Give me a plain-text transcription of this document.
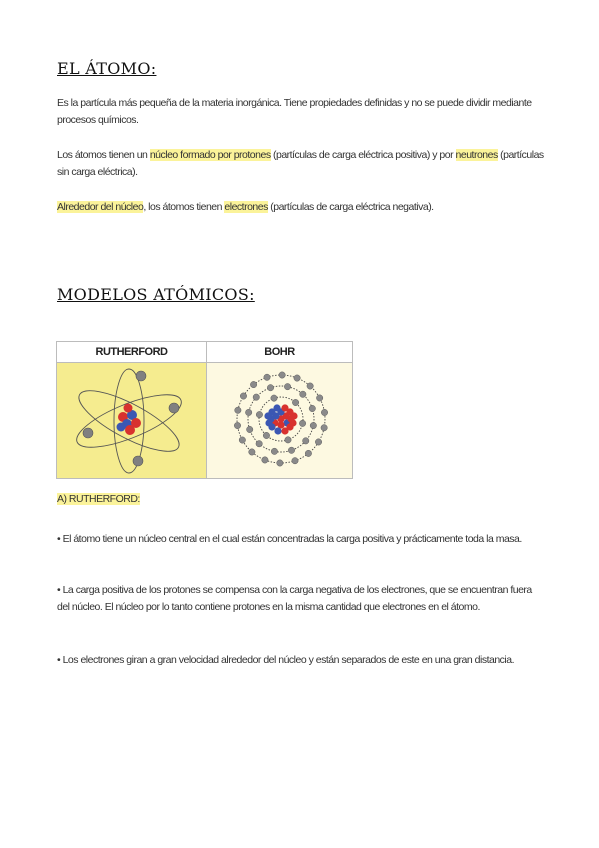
EL ÁTOMO:

Es la partícula más pequeña de la materia inorgánica. Tiene propiedades definidas y no se puede dividir mediante procesos químicos.

Los átomos tienen un núcleo formado por protones (partículas de carga eléctrica positiva) y por neutrones (partículas sin carga eléctrica).

Alrededor del núcleo, los átomos tienen electrones (partículas de carga eléctrica negativa).

MODELOS ATÓMICOS:
RUTHERFORD	BOHR

A) RUTHERFORD:

• El átomo tiene un núcleo central en el cual están concentradas la carga positiva y prácticamente toda la masa.

• La carga positiva de los protones se compensa con la carga negativa de los electrones, que se encuentran fuera del núcleo. El núcleo por lo tanto contiene protones en la misma cantidad que electrones en el átomo.

• Los electrones giran a gran velocidad alrededor del núcleo y están separados de este en una gran distancia.
